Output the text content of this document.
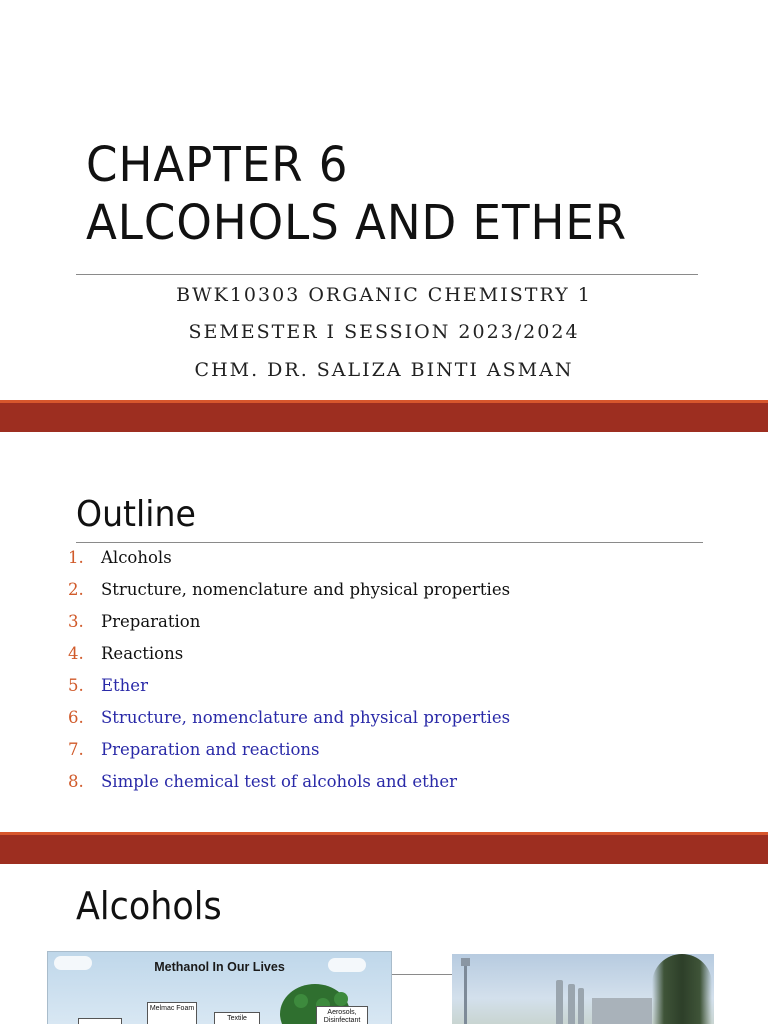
CHAPTER 6
ALCOHOLS AND ETHER
BWK10303 ORGANIC CHEMISTRY 1
SEMESTER I SESSION 2023/2024
CHM. DR. SALIZA BINTI ASMAN
Outline
1. Alcohols
2. Structure, nomenclature and physical properties
3. Preparation
4. Reactions
5. Ether
6. Structure, nomenclature and physical properties
7. Preparation and reactions
8. Simple chemical test of alcohols and ether
Alcohols
Methanol In Our Lives
Melmac Foam
Textile
Aerosols, Disinfectant
